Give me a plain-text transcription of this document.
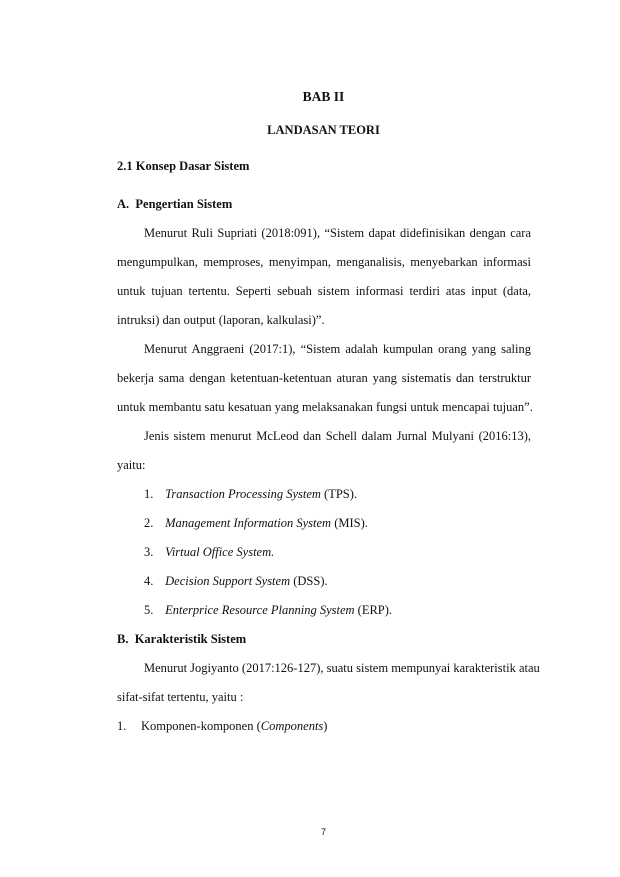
BAB II
LANDASAN TEORI
2.1 Konsep Dasar Sistem
A.  Pengertian Sistem
Menurut Ruli Supriati (2018:091), “Sistem dapat didefinisikan dengan cara
mengumpulkan, memproses, menyimpan, menganalisis, menyebarkan informasi
untuk tujuan tertentu. Seperti sebuah sistem informasi terdiri atas input (data,
intruksi) dan output (laporan, kalkulasi)”.
Menurut Anggraeni (2017:1), “Sistem adalah kumpulan orang yang saling
bekerja sama dengan ketentuan-ketentuan aturan yang sistematis dan terstruktur
untuk membantu satu kesatuan yang melaksanakan fungsi untuk mencapai tujuan”.
Jenis sistem menurut McLeod dan Schell dalam Jurnal Mulyani (2016:13),
yaitu:
1. Transaction Processing System (TPS).
2. Management Information System (MIS).
3. Virtual Office System.
4. Decision Support System (DSS).
5. Enterprice Resource Planning System (ERP).
B.  Karakteristik Sistem
Menurut Jogiyanto (2017:126-127), suatu sistem mempunyai karakteristik atau
sifat-sifat tertentu, yaitu :
1. Komponen-komponen (Components)
7
